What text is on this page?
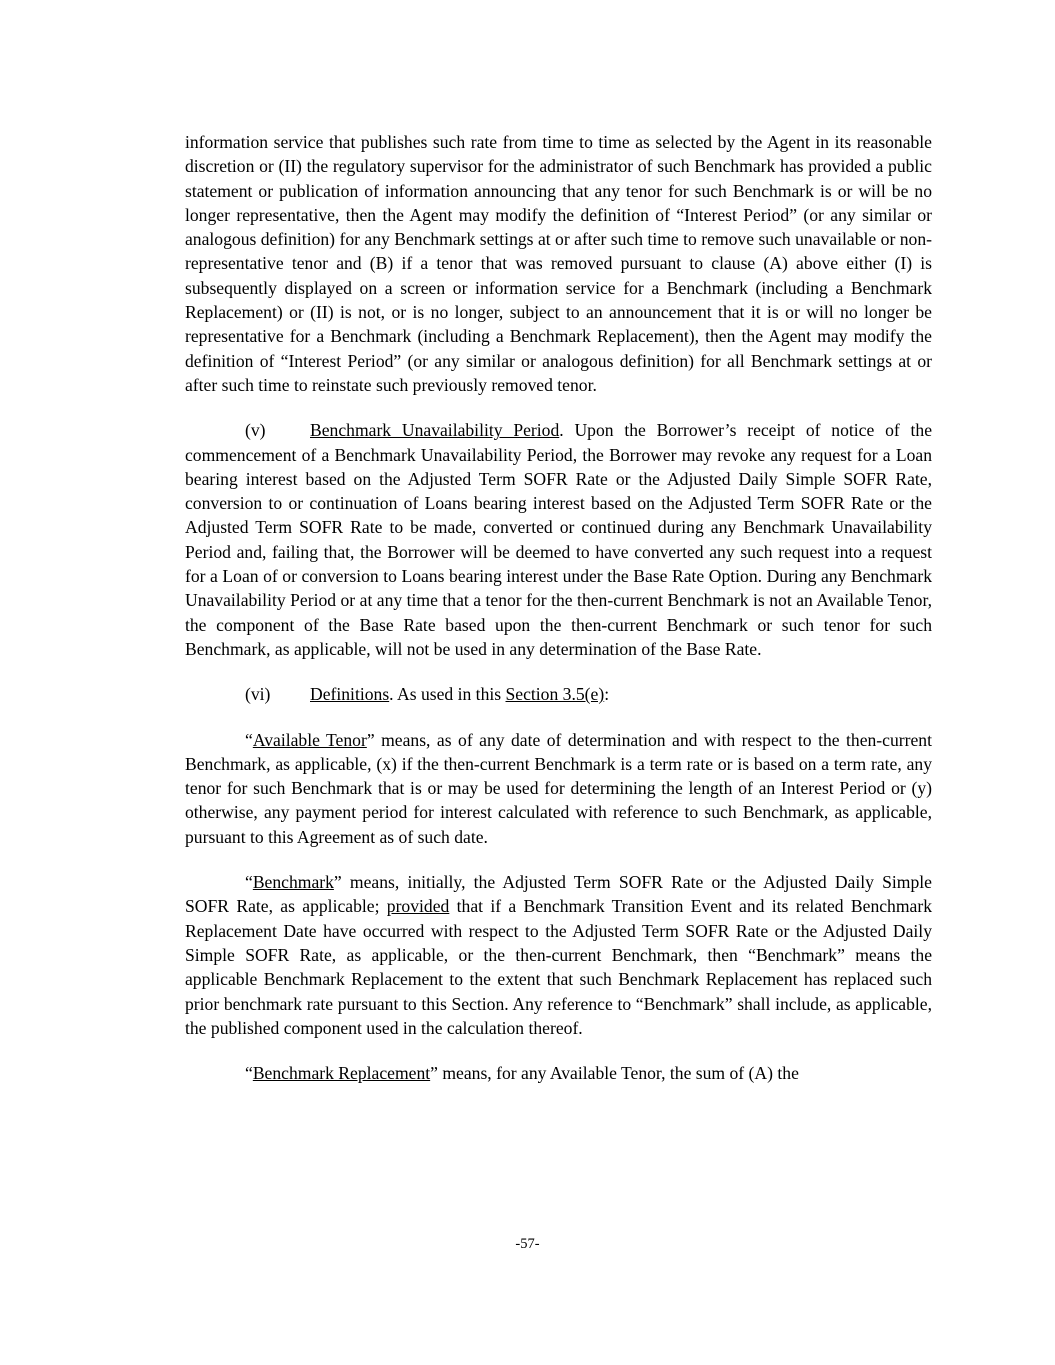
information service that publishes such rate from time to time as selected by the Agent in its reasonable discretion or (II) the regulatory supervisor for the administrator of such Benchmark has provided a public statement or publication of information announcing that any tenor for such Benchmark is or will be no longer representative, then the Agent may modify the definition of “Interest Period” (or any similar or analogous definition) for any Benchmark settings at or after such time to remove such unavailable or non-representative tenor and (B) if a tenor that was removed pursuant to clause (A) above either (I) is subsequently displayed on a screen or information service for a Benchmark (including a Benchmark Replacement) or (II) is not, or is no longer, subject to an announcement that it is or will no longer be representative for a Benchmark (including a Benchmark Replacement), then the Agent may modify the definition of “Interest Period” (or any similar or analogous definition) for all Benchmark settings at or after such time to reinstate such previously removed tenor.

(v)	Benchmark Unavailability Period. Upon the Borrower’s receipt of notice of the commencement of a Benchmark Unavailability Period, the Borrower may revoke any request for a Loan bearing interest based on the Adjusted Term SOFR Rate or the Adjusted Daily Simple SOFR Rate, conversion to or continuation of Loans bearing interest based on the Adjusted Term SOFR Rate or the Adjusted Term SOFR Rate to be made, converted or continued during any Benchmark Unavailability Period and, failing that, the Borrower will be deemed to have converted any such request into a request for a Loan of or conversion to Loans bearing interest under the Base Rate Option. During any Benchmark Unavailability Period or at any time that a tenor for the then-current Benchmark is not an Available Tenor, the component of the Base Rate based upon the then-current Benchmark or such tenor for such Benchmark, as applicable, will not be used in any determination of the Base Rate.

(vi) Definitions. As used in this Section 3.5(e):

“Available Tenor” means, as of any date of determination and with respect to the then-current Benchmark, as applicable, (x) if the then-current Benchmark is a term rate or is based on a term rate, any tenor for such Benchmark that is or may be used for determining the length of an Interest Period or (y) otherwise, any payment period for interest calculated with reference to such Benchmark, as applicable, pursuant to this Agreement as of such date.

“Benchmark” means, initially, the Adjusted Term SOFR Rate or the Adjusted Daily Simple SOFR Rate, as applicable; provided that if a Benchmark Transition Event and its related Benchmark Replacement Date have occurred with respect to the Adjusted Term SOFR Rate or the Adjusted Daily Simple SOFR Rate, as applicable, or the then-current Benchmark, then “Benchmark” means the applicable Benchmark Replacement to the extent that such Benchmark Replacement has replaced such prior benchmark rate pursuant to this Section. Any reference to “Benchmark” shall include, as applicable, the published component used in the calculation thereof.

“Benchmark Replacement” means, for any Available Tenor, the sum of (A) the

-57-
